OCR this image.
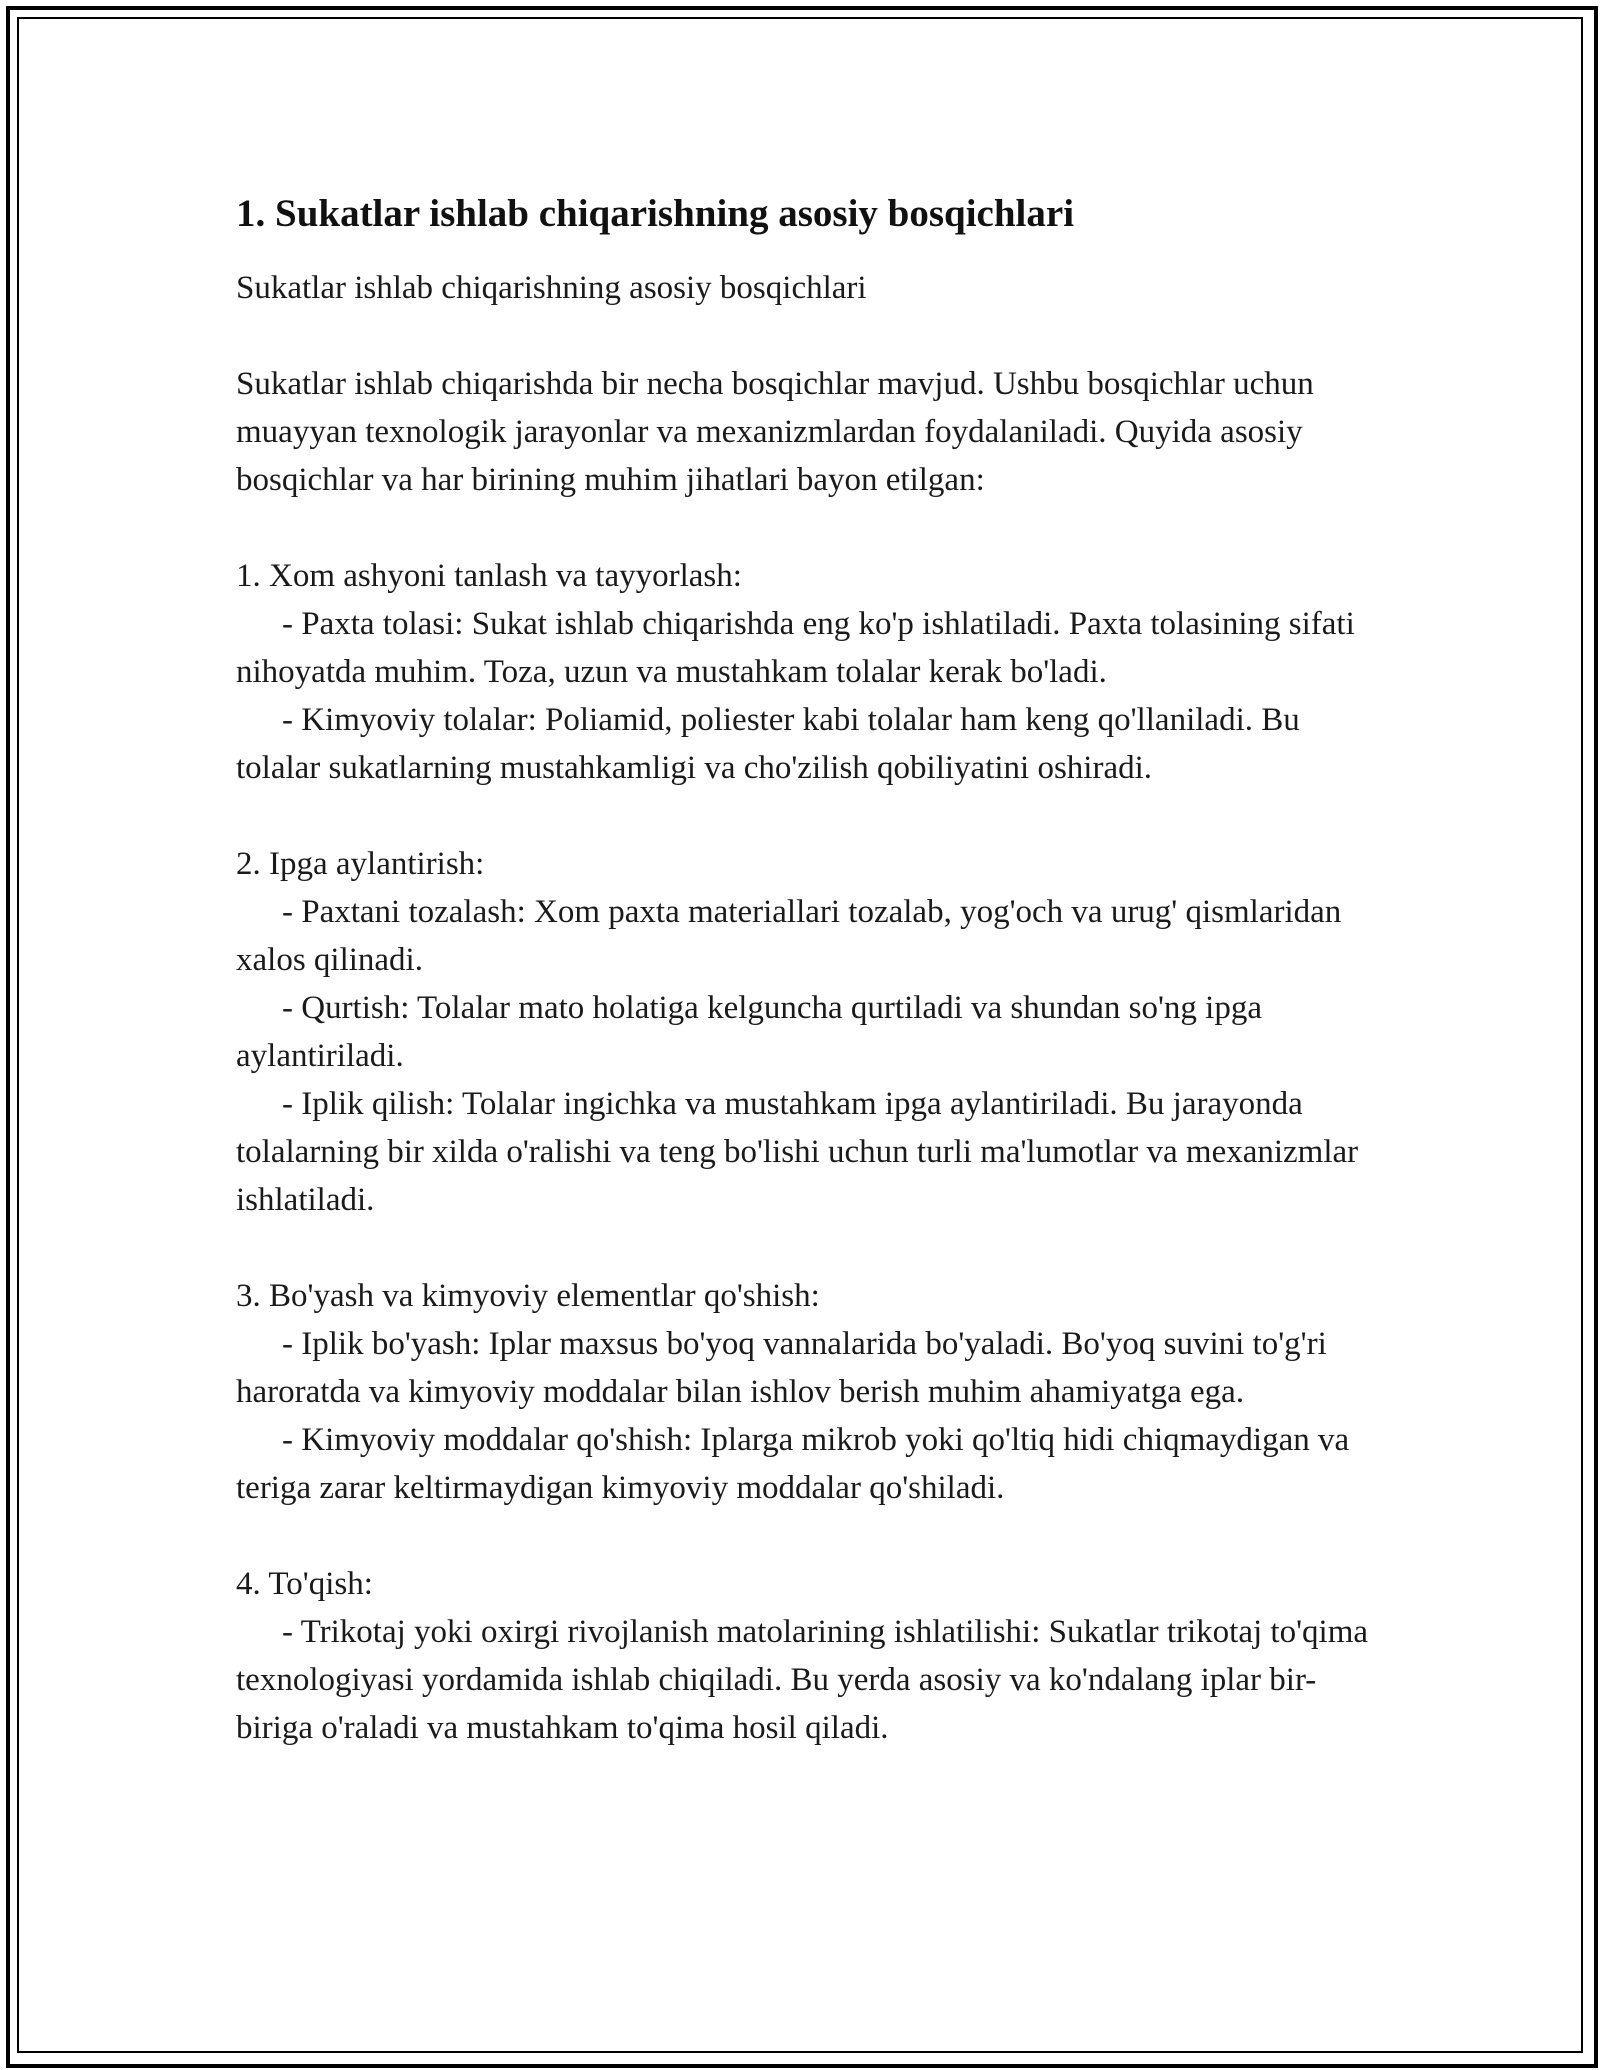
1. Sukatlar ishlab chiqarishning asosiy bosqichlari

Sukatlar ishlab chiqarishning asosiy bosqichlari

Sukatlar ishlab chiqarishda bir necha bosqichlar mavjud. Ushbu bosqichlar uchun muayyan texnologik jarayonlar va mexanizmlardan foydalaniladi. Quyida asosiy bosqichlar va har birining muhim jihatlari bayon etilgan:

1. Xom ashyoni tanlash va tayyorlash:

- Paxta tolasi: Sukat ishlab chiqarishda eng ko'p ishlatiladi. Paxta tolasining sifati nihoyatda muhim. Toza, uzun va mustahkam tolalar kerak bo'ladi.

- Kimyoviy tolalar: Poliamid, poliester kabi tolalar ham keng qo'llaniladi. Bu tolalar sukatlarning mustahkamligi va cho'zilish qobiliyatini oshiradi.

2. Ipga aylantirish:

- Paxtani tozalash: Xom paxta materiallari tozalab, yog'och va urug' qismlaridan xalos qilinadi.

- Qurtish: Tolalar mato holatiga kelguncha qurtiladi va shundan so'ng ipga aylantiriladi.

- Iplik qilish: Tolalar ingichka va mustahkam ipga aylantiriladi. Bu jarayonda tolalarning bir xilda o'ralishi va teng bo'lishi uchun turli ma'lumotlar va mexanizmlar ishlatiladi.

3. Bo'yash va kimyoviy elementlar qo'shish:

- Iplik bo'yash: Iplar maxsus bo'yoq vannalarida bo'yaladi. Bo'yoq suvini to'g'ri haroratda va kimyoviy moddalar bilan ishlov berish muhim ahamiyatga ega.

- Kimyoviy moddalar qo'shish: Iplarga mikrob yoki qo'ltiq hidi chiqmaydigan va teriga zarar keltirmaydigan kimyoviy moddalar qo'shiladi.

4. To'qish:

- Trikotaj yoki oxirgi rivojlanish matolarining ishlatilishi: Sukatlar trikotaj to'qima texnologiyasi yordamida ishlab chiqiladi. Bu yerda asosiy va ko'ndalang iplar bir-biriga o'raladi va mustahkam to'qima hosil qiladi.
